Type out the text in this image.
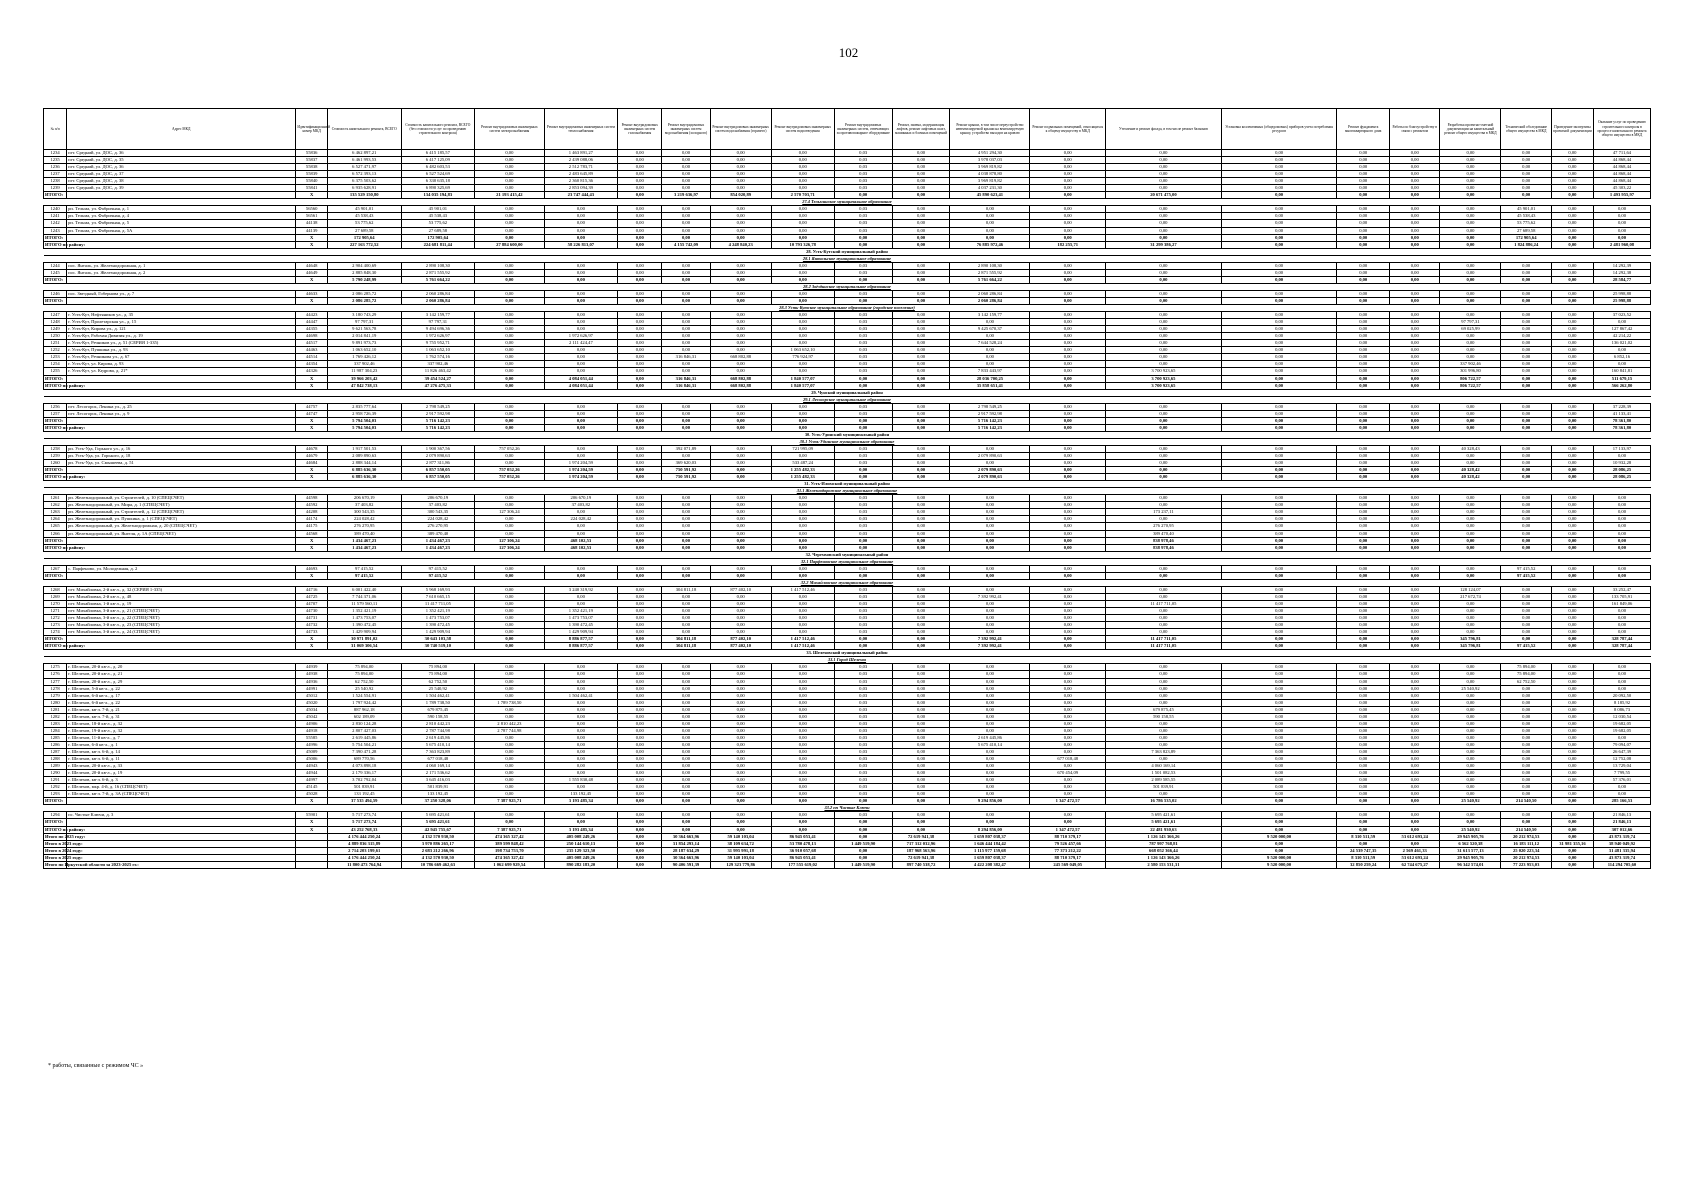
102
№ п/п	Адрес МКД	Идентификационный номер МКД	Стоимость капитального ремонта, ВСЕГО	Стоимость капитального ремонта, ВСЕГО (без стоимости услуг по проведению строительного контроля)	Ремонт внутридомовых инженерных систем электроснабжения	Ремонт внутридомовых инженерных систем теплоснабжения	Ремонт внутридомовых инженерных систем газоснабжения	Ремонт внутридомовых инженерных систем водоснабжения (холодного)	Ремонт внутридомовых инженерных систем водоснабжения (горячего)	Ремонт внутридомовых инженерных систем водоотведения	Ремонт внутридомовых инженерных систем, отвечающих за противопожарное оборудование	Ремонт, замена, модернизация лифтов, ремонт лифтовых шахт, машинных и блочных помещений	Ремонт крыши, в том числе переустройство невентилируемой крыши на вентилируемую крышу, устройство выходов на кровлю	Ремонт подвальных помещений, относящихся к общему имуществу в МКД	Утепление и ремонт фасада, в том числе ремонт балконов	Установка коллективных (общедомовых) приборов учета потребления ресурсов	Ремонт фундамента многоквартирного дома	Работы по благоустройству в связи с ремонтом	Разработка проектно-сметной документации на капитальный ремонт общего имущества в МКД	Технический обследование общего имущества в МКД	Проведение экспертизы проектной документации	Оказание услуг по проведению строительного контроля в процессе капитального ремонта общего имущества в МКД
1234	пгт. Средний, ул. ДОС, д. 36	55836	6 462 897,21	6 415 185,57	0,00	1 463 891,27	0,00	0,00	0,00	0,00	0,03	0,00	4 951 294,30	0,00	0,00	0,00	0,00	0,00	0,00	0,00	0,00	47 711,64
1235	пгт. Средний, ул. ДОС, д. 35	55837	6 461 993,53	6 417 125,09	0,00	2 439 088,06	0,00	0,00	0,00	0,00	0,03	0,00	3 978 037,03	0,00	0,00	0,00	0,00	0,00	0,00	0,00	0,00	44 868,44
1236	пгт. Средний, ул. ДОС, д. 36	55838	6 527 471,97	6 482 603,53	0,00	2 512 783,71	0,00	0,00	0,00	0,00	0,03	0,00	3 969 819,82	0,00	0,00	0,00	0,00	0,00	0,00	0,00	0,00	44 868,44
1237	пгт. Средний, ул. ДОС, д. 37	55839	6 572 393,13	6 527 524,69	0,00	2 483 645,89	0,00	0,00	0,00	0,00	0,03	0,00	4 038 878,80	0,00	0,00	0,00	0,00	0,00	0,00	0,00	0,00	44 868,44
1238	пгт. Средний, ул. ДОС, д. 38	55840	6 375 503,62	6 330 635,18	0,00	2 360 815,36	0,00	0,00	0,00	0,00	0,03	0,00	3 969 819,82	0,00	0,00	0,00	0,00	0,00	0,00	0,00	0,00	44 868,44
1239	пгт. Средний, ул. ДОС, д. 39	55841	6 935 628,91	6 890 325,69	0,00	2 853 094,39	0,00	0,00	0,00	0,00	0,03	0,00	4 037 231,30	0,00	0,00	0,00	0,00	0,00	0,00	0,00	0,00	45 303,22
ИТОГО:		X	135 529 150,80	134 035 194,83	21 193 415,42	23 747 444,43	0,00	3 219 636,97	854 020,89	2 570 703,71	0,00	0,00	45 890 623,41	0,00	20 671 475,00	0,00	0,00	0,00	0,00	0,00	0,00	1 493 955,97
27.4 Тельминское муниципальное образование																						
1240	рп. Тельма, ул. Фабричная, д. 1	56560	45 901,01	45 901,01	0,00	0,00	0,00	0,00	0,00	0,00	0,03	0,00	0,00	0,00	0,00	0,00	0,00	0,00	0,00	45 901,01	0,00	0,00
1241	рп. Тельма, ул. Фабричная, д. 4	56561	45 538,43	45 538,43	0,00	0,00	0,00	0,00	0,00	0,00	0,03	0,00	0,00	0,00	0,00	0,00	0,00	0,00	0,00	45 538,43	0,00	0,00
1242	рп. Тельма, ул. Фабричная, д. 5	44138	53 775,62	53 775,62	0,00	0,00	0,00	0,00	0,00	0,00	0,03	0,00	0,00	0,00	0,00	0,00	0,00	0,00	0,00	53 775,62	0,00	0,00
1243	рп. Тельма, ул. Фабричная, д. 5А	44139	27 689,58	27 689,58	0,00	0,00	0,00	0,00	0,00	0,00	0,03	0,00	0,00	0,00	0,00	0,00	0,00	0,00	0,00	27 689,58	0,00	0,00
ИТОГО:		X	172 905,64	172 905,64	0,00	0,00	0,00	0,00	0,00	0,00	0,00	0,00	0,00	0,00	0,00	0,00	0,00	0,00	0,00	172 905,64	0,00	0,00
ИТОГО по району:		X	227 163 772,52	224 681 811,44	27 884 600,00	58 226 813,07	0,00	4 155 742,09	4 248 840,23	10 793 326,78	0,00	0,00	76 885 972,46	182 255,71	31 299 386,27	0,00	0,00	0,00	0,00	1 824 886,24	0,00	2 481 960,08
28. Усть-Кутский муниципальный район																						
28.1 Янтальское муниципальное образование																						
1244	пос. Янталь, ул. Железнодорожная, д. 1	44648	2 904 400,69	2 890 108,30	0,00	0,00	0,00	0,00	0,00	0,00	0,03	0,00	2 890 108,30	0,00	0,00	0,00	0,00	0,00	0,00	0,00	0,00	14 292,39
1245	пос. Янталь, ул. Железнодорожная, д. 2	44649	2 885 848,30	2 871 555,92	0,00	0,00	0,00	0,00	0,00	0,00	0,03	0,00	2 871 555,92	0,00	0,00	0,00	0,00	0,00	0,00	0,00	0,00	14 292,38
ИТОГО:		X	5 790 248,99	5 761 664,22	0,00	0,00	0,00	0,00	0,00	0,00	0,00	0,00	5 761 664,22	0,00	0,00	0,00	0,00	0,00	0,00	0,00	0,00	28 584,77
28.2 Звёздинское муниципальное образование																						
1246	пос. Звездный, Гобернова ул., д. 7	44633	2 086 285,72	2 060 286,84	0,00	0,00	0,00	0,00	0,00	0,00	0,03	0,00	2 060 286,84	0,00	0,00	0,00	0,00	0,00	0,00	0,00	0,00	25 998,88
ИТОГО:		X	2 086 285,72	2 060 286,84	0,00	0,00	0,00	0,00	0,00	0,00	0,00	0,00	2 060 286,84	0,00	0,00	0,00	0,00	0,00	0,00	0,00	0,00	25 998,88
28.3 Усть-Кутское муниципальное образование (городское поселение)																						
1247	г. Усть-Кут, Нефтяников ул., д. 35	44423	3 180 743,29	3 142 159,77	0,00	0,00	0,00	0,00	0,00	0,00	0,03	0,00	3 142 159,77	0,00	0,00	0,00	0,00	0,00	0,00	0,00	0,00	37 023,52
1248	г. Усть-Кут, Пролетарская ул., д. 15	44447	97 797,31	97 797,31	0,00	0,00	0,00	0,00	0,00	0,00	0,03	0,00	0,00	0,00	0,00	0,00	0,00	0,00	97 797,31	0,00	0,00	0,00
1249	г. Усть-Кут, Кирова ул., д. 121	44355	9 621 563,78	9 494 696,36	0,00	0,00	0,00	0,00	0,00	0,00	0,03	0,00	9 425 670,37	0,00	0,00	0,00	0,00	0,00	69 025,99	0,00	0,00	127 867,42
1250	г. Усть-Кут, Рабочая Дивизия ул., д. 19	44698	2 014 841,19	1 972 626,97	0,00	1 972 626,97	0,00	0,00	0,00	0,00	0,03	0,00	0,00	0,00	0,00	0,00	0,00	0,00	0,00	0,00	0,00	42 214,22
1251	г. Усть-Кут, Речников ул., д. 51 (СЕРИЯ 1-335)	44517	9 891 973,73	9 755 952,71	0,00	2 111 424,47	0,00	0,00	0,00	0,00	0,03	0,00	7 644 528,24	0,00	0,00	0,00	0,00	0,00	0,00	0,00	0,00	136 021,02
1252	г. Усть-Кут, Пушкина ул., д. 93	44463	1 063 652,10	1 063 652,10	0,00	0,00	0,00	0,00	0,00	1 063 652,10	0,03	0,00	0,00	0,00	0,00	0,00	0,00	0,00	0,00	0,00	0,00	0,00
1253	г. Усть-Кут, Речникова ул., д. 67	44514	1 769 426,12	1 762 574,16	0,00	0,00	0,00	316 846,31	668 802,88	776 924,97	0,03	0,00	0,00	0,00	0,00	0,00	0,00	0,00	0,00	0,00	0,00	6 852,16
1254	г. Усть-Кут, ул. Кирова, д. 93	44354	337 902,46	337 902,46	0,00	0,00	0,00	0,00	0,00	0,00	0,03	0,00	0,00	0,00	0,00	0,00	0,00	0,00	337 902,46	0,00	0,00	0,00
1255	г. Усть-Кут, ул. Кедрова, д. 21*	44326	11 987 304,23	11 826 463,42	0,00	0,00	0,00	0,00	0,00	0,00	0,03	0,00	7 833 443,97	0,00	3 700 923,65	0,00	0,00	0,00	301 996,80	0,00	0,00	160 841,81
ИТОГО:		X	39 966 203,42	39 454 524,27	0,00	4 084 051,44	0,00	316 846,31	668 802,88	1 840 577,07	0,00	0,00	28 036 700,25	0,00	3 700 923,65	0,00	0,00	0,00	806 722,57	0,00	0,00	511 679,15
ИТОГО по району:		X	47 842 738,13	47 276 475,33	0,00	4 084 051,44	0,00	316 846,31	668 802,88	1 840 577,07	0,00	0,00	35 858 651,41	0,00	3 700 923,65	0,00	0,00	0,00	806 722,57	0,00	0,00	566 262,80
29. Чунский муниципальный район																						
29.1 Лесогорское муниципальное образование																						
1256	пгт. Лесогорск, Ленина ул., д. 25	44757	2 835 777,64	2 798 549,25	0,00	0,00	0,00	0,00	0,00	0,00	0,03	0,00	2 798 549,25	0,00	0,00	0,00	0,00	0,00	0,00	0,00	0,00	37 228,39
1257	пгт. Лесогорск, Ленина ул., д. 9	44747	2 958 726,39	2 917 592,98	0,00	0,00	0,00	0,00	0,00	0,00	0,03	0,00	2 917 592,98	0,00	0,00	0,00	0,00	0,00	0,00	0,00	0,00	41 133,41
ИТОГО:		X	5 794 504,03	5 716 142,23	0,00	0,00	0,00	0,00	0,00	0,00	0,00	0,00	5 716 142,23	0,00	0,00	0,00	0,00	0,00	0,00	0,00	0,00	78 361,80
ИТОГО по району:		X	5 794 504,03	5 716 142,23	0,00	0,00	0,00	0,00	0,00	0,00	0,00	0,00	5 716 142,23	0,00	0,00	0,00	0,00	0,00	0,00	0,00	0,00	78 361,80
30. Усть-Удинский муниципальный район																						
30.1 Усть-Удинское муниципальное образование																						
1258	рп. Усть-Уда, Горького ул., д. 16	44678	1 917 501,53	1 900 367,56	757 052,26	0,00	0,00	392 071,89	0,00	721 995,09	0,03	0,00	0,00	0,00	0,00	0,00	0,00	0,00	40 328,43	0,00	0,00	17 133,97
1259	рп. Усть-Уда, ул. Горького, д. 18	44679	2 089 890,63	2 079 890,63	0,00	0,00	0,00	0,00	0,00	0,00	0,03	0,00	2 079 890,63	0,00	0,00	0,00	0,00	0,00	0,00	0,00	0,00	0,00
1260	рп. Усть-Уда, ул. Смышеева, д. 51	44684	2 888 344,14	2 877 311,86	0,00	1 974 204,59	0,00	369 620,03	0,00	533 487,24	0,03	0,00	0,00	0,00	0,00	0,00	0,00	0,00	0,00	0,00	0,00	10 932,28
ИТОГО:		X	6 885 636,30	6 857 550,05	757 052,26	1 974 204,59	0,00	750 591,92	0,00	1 255 482,33	0,00	0,00	2 079 890,63	0,00	0,00	0,00	0,00	0,00	40 328,42	0,00	0,00	28 086,25
ИТОГО по району:		X	6 885 636,30	6 857 550,05	757 052,26	1 974 204,59	0,00	750 591,92	0,00	1 255 482,33	0,00	0,00	2 079 890,63	0,00	0,00	0,00	0,00	0,00	40 328,42	0,00	0,00	28 086,25
31. Усть-Илимский муниципальный район																						
31.1 Железнодорожное муниципальное образование																						
1261	рп. Железнодорожный, ул. Строителей, д. 10 (СПЕЦСЧЕТ)	44598	206 670,19	206 670,19	0,00	206 670,19	0,00	0,00	0,00	0,00	0,03	0,00	0,00	0,00	0,00	0,00	0,00	0,00	0,00	0,00	0,00	0,00
1262	рп. Железнодорожный, ул. Мира, д. 1 (СПЕЦСЧЕТ)	44592	37 403,82	37 403,82	0,00	37 403,82	0,00	0,00	0,00	0,00	0,03	0,00	0,00	0,00	0,00	0,00	0,00	0,00	0,00	0,00	0,00	0,00
1263	рп. Железнодорожный, ул. Строителей, д. 12 (СПЕЦСЧЕТ)	44208	300 543,35	300 543,35	127 306,24	0,00	0,00	0,00	0,00	0,00	0,03	0,00	0,00	0,00	173 237,11	0,00	0,00	0,00	0,00	0,00	0,00	0,00
1264	рп. Железнодорожный, ул. Пушкина, д. 1 (СПЕЦСЧЕТ)	44174	224 028,42	224 028,42	0,00	224 028,42	0,00	0,00	0,00	0,00	0,03	0,00	0,00	0,00	0,00	0,00	0,00	0,00	0,00	0,00	0,00	0,00
1265	рп. Железнодорожный, ул. Железнодорожная, д. 20 (СПЕЦСЧЕТ)	44175	276 270,95	276 270,95	0,00	0,00	0,00	0,00	0,00	0,00	0,03	0,00	0,00	0,00	276 270,95	0,00	0,00	0,00	0,00	0,00	0,00	0,00
1266	рп. Железнодорожный, ул. Янгеля, д. 1А (СПЕЦСЧЕТ)	44568	389 470,40	389 470,40	0,00	0,00	0,00	0,00	0,00	0,00	0,03	0,00	0,00	0,00	389 470,40	0,00	0,00	0,00	0,00	0,00	0,00	0,00
ИТОГО:		X	1 434 467,23	1 434 467,23	127 306,24	468 102,53	0,00	0,00	0,00	0,00	0,00	0,00	0,00	0,00	838 978,46	0,00	0,00	0,00	0,00	0,00	0,00	0,00
ИТОГО по району:		X	1 434 467,23	1 434 467,23	127 306,24	468 102,53	0,00	0,00	0,00	0,00	0,00	0,00	0,00	0,00	838 978,46	0,00	0,00	0,00	0,00	0,00	0,00	0,00
32. Черемховский муниципальный район																						
32.1 Парфеновское муниципальное образование																						
1267	с. Парфеново, ул. Молодежная, д. 2	44693	97 415,52	97 415,52	0,00	0,00	0,00	0,00	0,00	0,00	0,03	0,00	0,00	0,00	0,00	0,00	0,00	0,00	0,00	97 415,52	0,00	0,00
ИТОГО:		X	97 415,52	97 415,52	0,00	0,00	0,00	0,00	0,00	0,00	0,00	0,00	0,00	0,00	0,00	0,00	0,00	0,00	0,00	97 415,52	0,00	0,00
32.2 Михайловское муниципальное образование																						
1268	пгт. Михайловка, 2-й кв-л., д. 32 (СЕРИЯ 1-335)	44716	6 001 422,40	5 968 169,93	0,00	3 240 319,92	0,00	304 811,18	877 402,10	1 417 512,46	0,03	0,00	0,00	0,00	0,00	0,00	0,00	0,00	128 124,07	0,00	0,00	33 252,47
1269	пгт. Михайловка, 2-й кв-л., д. 48	44725	7 744 371,06	7 610 665,15	0,00	0,00	0,00	0,00	0,00	0,00	0,03	0,00	7 392 992,41	0,00	0,00	0,00	0,00	0,00	217 672,74	0,00	0,00	133 705,91
1270	пгт. Михайловка, 1-й кв-л., д. 19	44707	11 579 560,11	11 417 711,05	0,00	0,00	0,00	0,00	0,00	0,00	0,03	0,00	0,00	0,00	11 417 711,05	0,00	0,00	0,00	0,00	0,00	0,00	161 849,06
1271	пгт. Михайловка, 3-й кв-л., д. 21 (СПЕЦСЧЕТ)	44730	1 352 421,19	1 352 421,19	0,00	1 352 421,19	0,00	0,00	0,00	0,00	0,03	0,00	0,00	0,00	0,00	0,00	0,00	0,00	0,00	0,00	0,00	0,00
1272	пгт. Михайловка, 3-й кв-л., д. 22 (СПЕЦСЧЕТ)	44731	1 473 753,07	1 473 753,07	0,00	1 473 753,07	0,00	0,00	0,00	0,00	0,03	0,00	0,00	0,00	0,00	0,00	0,00	0,00	0,00	0,00	0,00	0,00
1273	пгт. Михайловка, 3-й кв-л., д. 23 (СПЕЦСЧЕТ)	44732	1 390 472,45	1 390 472,45	0,00	1 390 472,45	0,00	0,00	0,00	0,00	0,03	0,00	0,00	0,00	0,00	0,00	0,00	0,00	0,00	0,00	0,00	0,00
1274	пгт. Михайловка, 3-й кв-л., д. 24 (СПЕЦСЧЕТ)	44733	1 429 909,94	1 429 909,94	0,00	1 429 909,94	0,00	0,00	0,00	0,00	0,03	0,00	0,00	0,00	0,00	0,00	0,00	0,00	0,00	0,00	0,00	0,00
ИТОГО:		X	30 971 891,02	30 643 103,58	0,00	8 886 877,57	0,00	304 811,18	877 402,10	1 417 512,46	0,00	0,00	7 392 992,41	0,00	11 417 711,05	0,00	0,00	0,00	345 796,81	0,00	0,00	328 787,44
ИТОГО по району:		X	31 069 306,54	30 740 519,10	0,00	8 886 877,57	0,00	304 811,18	877 402,10	1 417 512,46	0,00	0,00	7 392 992,41	0,00	11 417 711,05	0,00	0,00	0,00	345 796,81	97 415,52	0,00	328 787,44
33. Шелеховский муниципальный район																						
33.1 Город Шелехов																						
1275	г. Шелехов, 20-й кв-л., д. 20	44939	75 894,00	75 894,00	0,00	0,00	0,00	0,00	0,00	0,00	0,03	0,00	0,00	0,00	0,00	0,00	0,00	0,00	0,00	75 894,00	0,00	0,00
1276	г. Шелехов, 20-й кв-л., д. 21	44938	75 894,00	75 894,00	0,00	0,00	0,00	0,00	0,00	0,00	0,03	0,00	0,00	0,00	0,00	0,00	0,00	0,00	0,00	75 894,00	0,00	0,00
1277	г. Шелехов, 20-й кв-л., д. 29	44936	62 752,50	62 752,50	0,00	0,00	0,00	0,00	0,00	0,00	0,03	0,00	0,00	0,00	0,00	0,00	0,00	0,00	0,00	62 752,50	0,00	0,00
1278	г. Шелехов, 5-й кв-л., д. 22	44991	25 540,92	25 540,92	0,00	0,00	0,00	0,00	0,00	0,00	0,03	0,00	0,00	0,00	0,00	0,00	0,00	0,00	25 540,92	0,00	0,00	0,00
1279	г. Шелехов, 6-й кв-л., д. 17	45012	1 524 554,91	1 504 462,41	0,00	1 504 462,41	0,00	0,00	0,00	0,00	0,03	0,00	0,00	0,00	0,00	0,00	0,00	0,00	0,00	0,00	0,00	20 092,50
1280	г. Шелехов, 6-й кв-л., д. 22	45020	1 797 924,42	1 789 738,50	1 789 738,50	0,00	0,00	0,00	0,00	0,00	0,03	0,00	0,00	0,00	0,00	0,00	0,00	0,00	0,00	0,00	0,00	8 185,92
1281	г. Шелехов, кв-л. 7-й, д. 21	45034	887 962,18	679 875,45	0,00	0,00	0,00	0,00	0,00	0,00	0,03	0,00	0,00	0,00	679 875,45	0,00	0,00	0,00	0,00	0,00	0,00	8 086,73
1282	г. Шелехов, кв-л. 7-й, д. 31	45042	602 189,09	590 158,55	0,00	0,00	0,00	0,00	0,00	0,00	0,03	0,00	0,00	0,00	590 158,55	0,00	0,00	0,00	0,00	0,00	0,00	12 030,54
1283	г. Шелехов, 18-й кв-л., д. 32	44906	2 830 124,28	2 810 442,23	2 810 442,23	0,00	0,00	0,00	0,00	0,00	0,03	0,00	0,00	0,00	0,00	0,00	0,00	0,00	0,00	0,00	0,00	19 682,05
1284	г. Шелехов, 19-й кв-л., д. 32	44918	2 807 427,03	2 787 744,98	2 787 744,98	0,00	0,00	0,00	0,00	0,00	0,03	0,00	0,00	0,00	0,00	0,00	0,00	0,00	0,00	0,00	0,00	19 682,05
1285	г. Шелехов, 11-й кв-л., д. 7	55585	2 619 445,86	2 619 445,86	0,00	0,00	0,00	0,00	0,00	0,00	0,03	0,00	2 619 445,86	0,00	0,00	0,00	0,00	0,00	0,00	0,00	0,00	0,00
1286	г. Шелехов, 6-й кв-л., д. 1	44996	5 754 504,21	5 675 410,14	0,00	0,00	0,00	0,00	0,00	0,00	0,03	0,00	5 675 410,14	0,00	0,00	0,00	0,00	0,00	0,00	0,00	0,00	79 094,07
1287	г. Шелехов, кв-л. 6-й, д. 14	45009	7 390 471,28	7 363 823,89	0,00	0,00	0,00	0,00	0,00	0,00	0,03	0,00	0,00	0,00	7 363 823,89	0,00	0,00	0,00	0,00	0,00	0,00	26 647,39
1288	г. Шелехов, кв-л. 6-й, д. 11	45006	689 770,56	677 018,48	0,00	0,00	0,00	0,00	0,00	0,00	0,03	0,00	0,00	677 018,48	0,00	0,00	0,00	0,00	0,00	0,00	0,00	12 752,08
1289	г. Шелехов, 20-й кв-л., д. 33	44943	4 073 898,18	4 060 169,14	0,00	0,00	0,00	0,00	0,00	0,00	0,03	0,00	0,00	0,00	4 060 169,14	0,00	0,00	0,00	0,00	0,00	0,00	13 729,04
1290	г. Шелехов, 20-й кв-л., д. 19	44944	2 179 336,17	2 171 536,62	0,00	0,00	0,00	0,00	0,00	0,00	0,03	0,00	0,00	670 454,09	1 501 082,53	0,00	0,00	0,00	0,00	0,00	0,00	7 799,55
1291	г. Шелехов, кв-л. 6-й, д. 3	44997	3 702 792,04	3 645 416,03	0,00	1 555 830,48	0,00	0,00	0,00	0,00	0,03	0,00	0,00	0,00	2 089 585,55	0,00	0,00	0,00	0,00	0,00	0,00	57 376,01
1292	г. Шелехов, мкр. 4-й, д. 16 (СПЕЦСЧЕТ)	45145	501 839,91	501 839,91	0,00	0,00	0,00	0,00	0,00	0,00	0,03	0,00	0,00	0,00	501 839,91	0,00	0,00	0,00	0,00	0,00	0,00	0,00
1293	г. Шелехов, кв-л. 7-й, д. 3А (СПЕЦСЧЕТ)	45028	133 192,45	133 192,45	0,00	133 192,45	0,00	0,00	0,00	0,00	0,03	0,00	0,00	0,00	0,00	0,00	0,00	0,00	0,00	0,00	0,00	0,00
ИТОГО:		X	37 535 494,59	37 250 328,06	7 387 925,71	3 193 485,34	0,00	0,00	0,00	0,00	0,00	0,00	9 294 856,00	1 347 472,57	16 786 535,02	0,00	0,00	0,00	25 540,92	214 540,50	0,00	285 166,53
33.2 пп Чистые Ключи																						
1294	пс. Чистые Ключи, д. 3	55901	5 717 273,74	5 695 421,61	0,00	0,00	0,00	0,00	0,00	0,00	0,03	0,00	0,00	0,00	5 695 421,61	0,00	0,00	0,00	0,00	0,00	0,00	21 846,13
ИТОГО:		X	5 717 273,74	5 695 421,61	0,00	0,00	0,00	0,00	0,00	0,00	0,00	0,00	0,00	0,00	5 695 421,61	0,00	0,00	0,00	0,00	0,00	0,00	21 846,13
ИТОГО по району:		X	43 252 768,33	42 945 755,67	7 387 925,71	3 193 485,34	0,00	0,00	0,00	0,00	0,00	0,00	8 294 856,00	1 347 472,57	22 481 930,63	0,00	0,00	0,00	25 540,92	214 540,50	0,00	307 012,66
Итого по 2025 году:			4 176 444 250,24	4 132 570 930,50	474 365 327,42	405 008 249,26	0,00	30 364 663,96	59 140 103,04	86 945 053,41	0,00	72 619 941,38	1 659 807 038,37	88 710 379,17	1 126 143 366,26	9 520 000,00	8 310 511,59	53 612 693,24	29 945 905,76	20 212 974,53	0,00	43 873 319,74
Итого в 2023 году:			4 889 836 315,89	3 970 886 265,17	389 599 848,42	250 144 610,13	0,00	31 854 293,14	38 109 634,72	53 780 478,13	1 449 519,90	717 312 032,96	1 646 444 184,42	79 526 457,66	787 997 768,81	0,00	0,00	0,00	6 562 520,38	16 183 111,12	31 981 355,16	38 940 049,92
Итого в 2024 году:			2 714 203 199,61	2 683 212 266,96	198 734 753,70	235 129 323,50	0,00	28 187 634,29	31 995 991,18	36 910 057,68	0,00	187 968 563,96	1 115 977 159,68	77 373 212,22	668 052 366,44	0,00	24 539 747,35	2 569 461,33	31 613 577,13	25 020 223,34	0,00	31 481 335,94
Итого в 2025 году:			4 176 444 250,24	4 132 570 930,50	474 365 327,42	405 008 249,26	0,00	30 364 663,96	59 140 103,04	86 945 053,41	0,00	72 619 941,38	1 659 807 038,37	88 710 379,17	1 126 143 366,26	9 520 000,00	8 310 511,59	53 612 693,24	29 945 905,76	20 212 974,53	0,00	43 873 319,74
Итого по Иркутской области за 2023-2025 гг.:			11 800 473 764,94	10 786 669 462,63	1 062 699 929,54	890 282 183,20	0,00	90 406 591,39	129 323 779,86	177 555 619,02	1 449 519,90	897 740 538,72	4 422 208 382,47	245 569 049,05	2 580 153 531,31	9 520 000,00	32 850 259,24	62 744 675,27	96 342 574,01	77 223 953,03	0,00	114 294 705,60
* работы, связанные с режимом ЧС »
